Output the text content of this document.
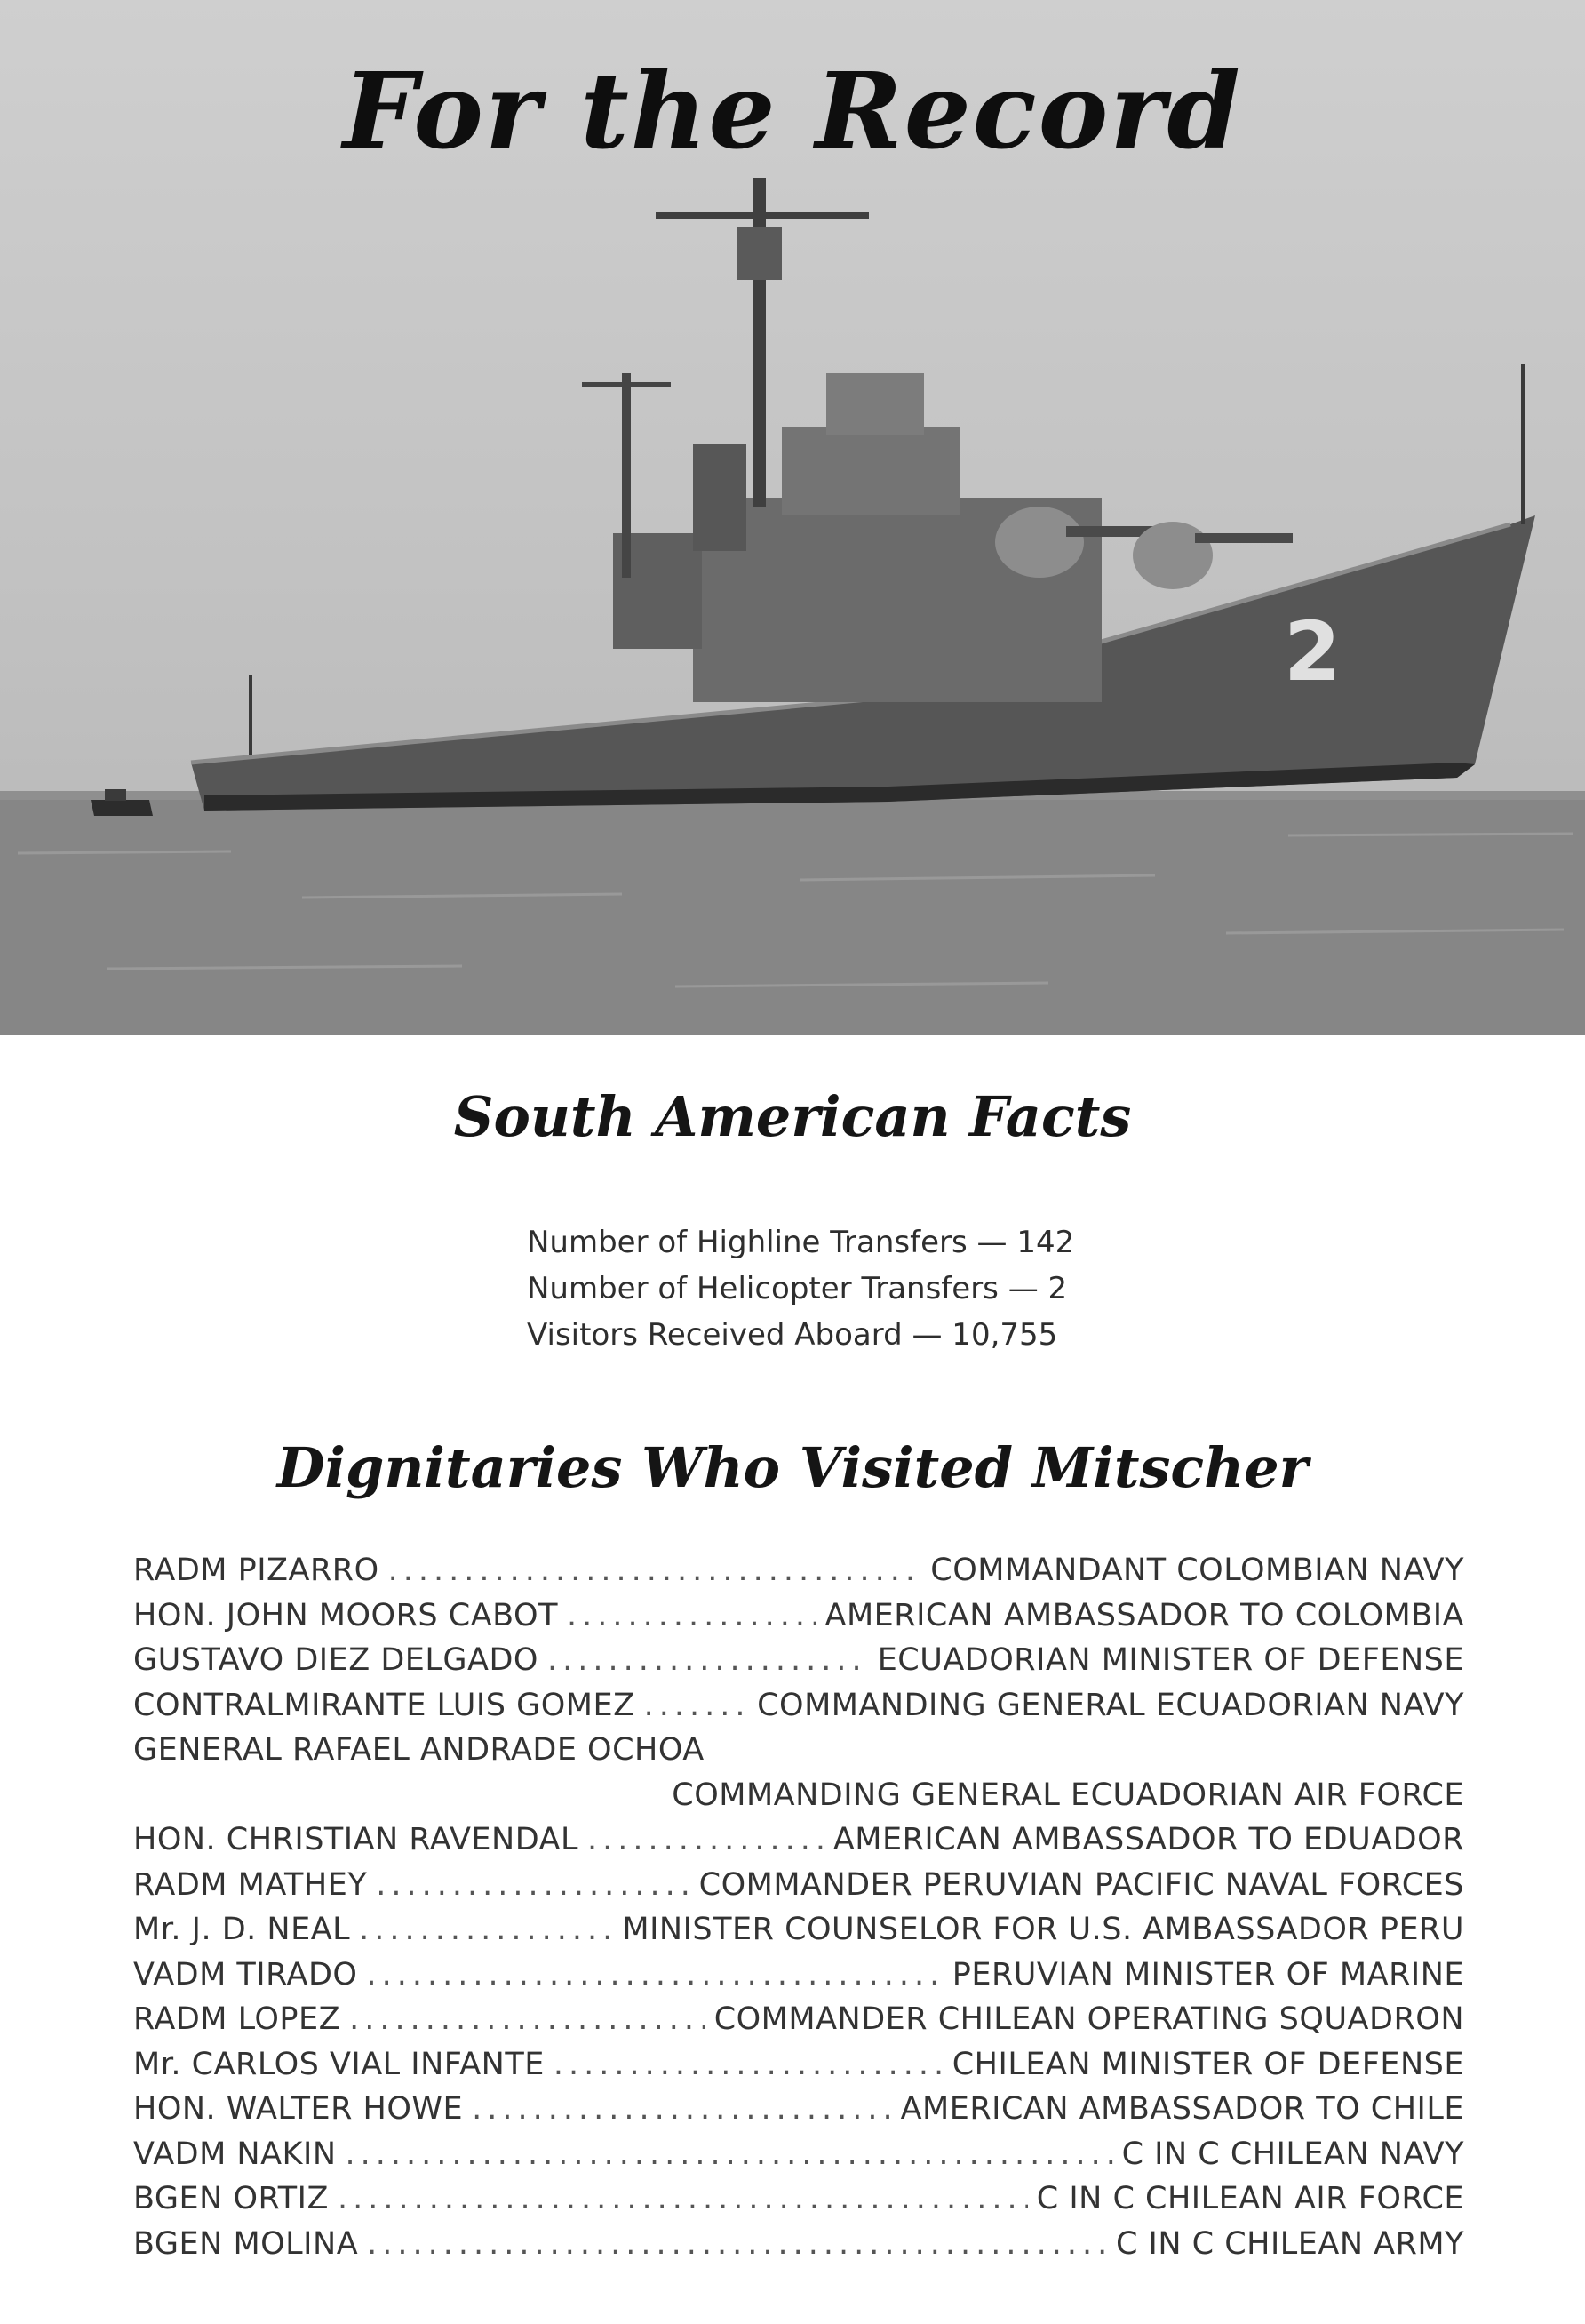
2
For the Record
South American Facts
Number of Highline Transfers — 142
Number of Helicopter Transfers — 2
Visitors Received Aboard — 10,755
Dignitaries Who Visited Mitscher
RADM PIZARRO .....	COMMANDANT COLOMBIAN NAVY
HON. JOHN MOORS CABOT .....	AMERICAN AMBASSADOR TO COLOMBIA
GUSTAVO DIEZ DELGADO .....	ECUADORIAN MINISTER OF DEFENSE
CONTRALMIRANTE LUIS GOMEZ .....	COMMANDING GENERAL ECUADORIAN NAVY
GENERAL RAFAEL ANDRADE OCHOA
COMMANDING GENERAL ECUADORIAN AIR FORCE
HON. CHRISTIAN RAVENDAL .....	AMERICAN AMBASSADOR TO EDUADOR
RADM MATHEY .....	COMMANDER PERUVIAN PACIFIC NAVAL FORCES
Mr. J. D. NEAL .....	MINISTER COUNSELOR FOR U.S. AMBASSADOR PERU
VADM TIRADO .....	PERUVIAN MINISTER OF MARINE
RADM LOPEZ .....	COMMANDER CHILEAN OPERATING SQUADRON
Mr. CARLOS VIAL INFANTE .....	CHILEAN MINISTER OF DEFENSE
HON. WALTER HOWE .....	AMERICAN AMBASSADOR TO CHILE
VADM NAKIN .....	C IN C CHILEAN NAVY
BGEN ORTIZ .....	C IN C CHILEAN AIR FORCE
BGEN MOLINA .....	C IN C CHILEAN ARMY
